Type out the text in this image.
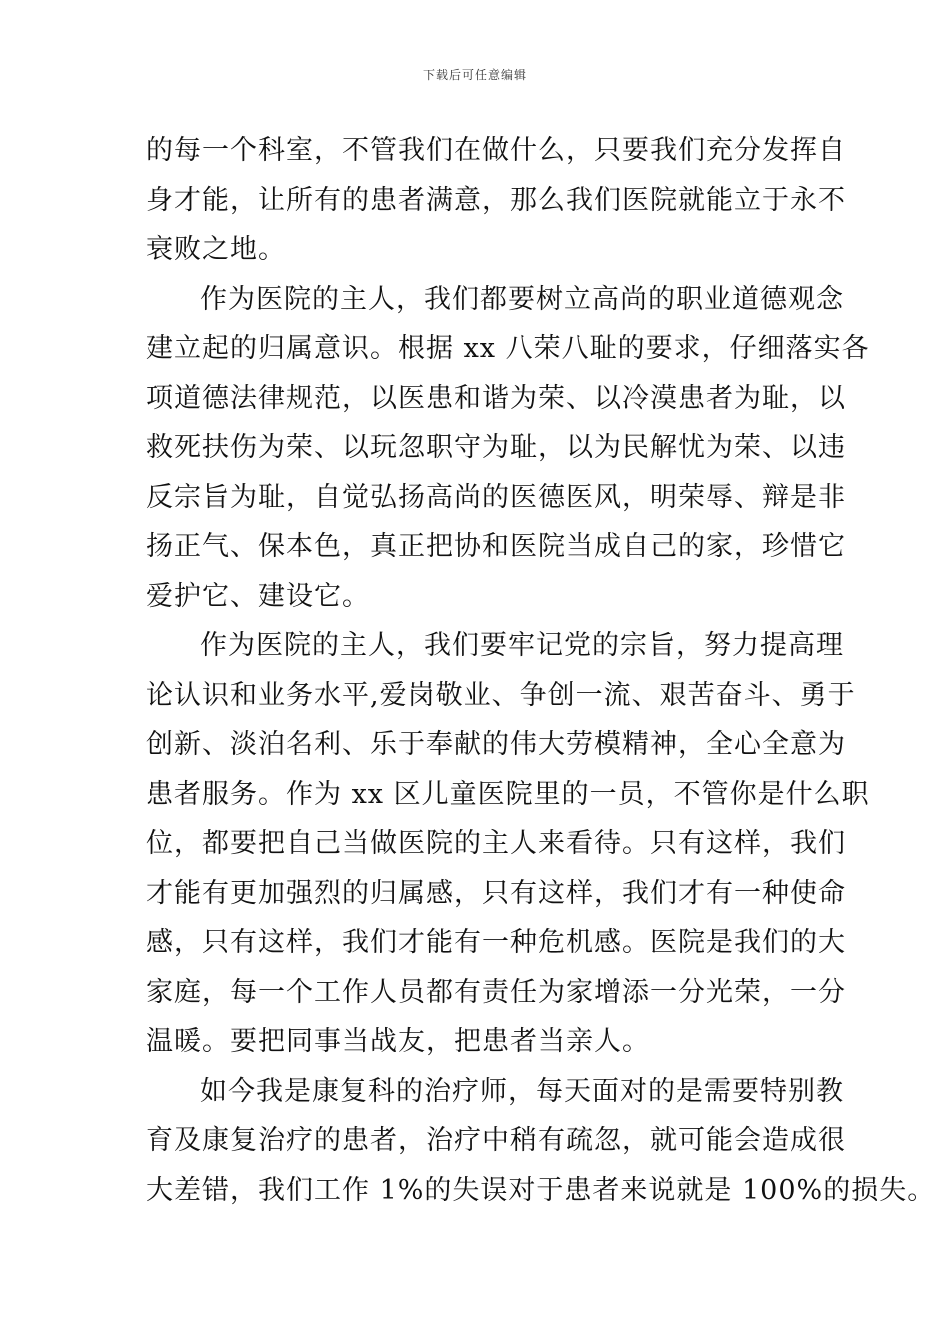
下载后可任意编辑
的每一个科室，不管我们在做什么，只要我们充分发挥自
身才能，让所有的患者满意，那么我们医院就能立于永不
衰败之地。
作为医院的主人，我们都要树立高尚的职业道德观念
建立起的归属意识。根据 xx 八荣八耻的要求，仔细落实各
项道德法律规范，以医患和谐为荣、以冷漠患者为耻，以
救死扶伤为荣、以玩忽职守为耻，以为民解忧为荣、以违
反宗旨为耻，自觉弘扬高尚的医德医风，明荣辱、辩是非
扬正气、保本色，真正把协和医院当成自己的家，珍惜它
爱护它、建设它。
作为医院的主人，我们要牢记党的宗旨，努力提高理
论认识和业务水平,爱岗敬业、争创一流、艰苦奋斗、勇于
创新、淡泊名利、乐于奉献的伟大劳模精神，全心全意为
患者服务。作为 xx 区儿童医院里的一员，不管你是什么职
位，都要把自己当做医院的主人来看待。只有这样，我们
才能有更加强烈的归属感，只有这样，我们才有一种使命
感，只有这样，我们才能有一种危机感。医院是我们的大
家庭，每一个工作人员都有责任为家增添一分光荣，一分
温暖。要把同事当战友，把患者当亲人。
如今我是康复科的治疗师，每天面对的是需要特别教
育及康复治疗的患者，治疗中稍有疏忽，就可能会造成很
大差错，我们工作 1%的失误对于患者来说就是 100%的损失。
